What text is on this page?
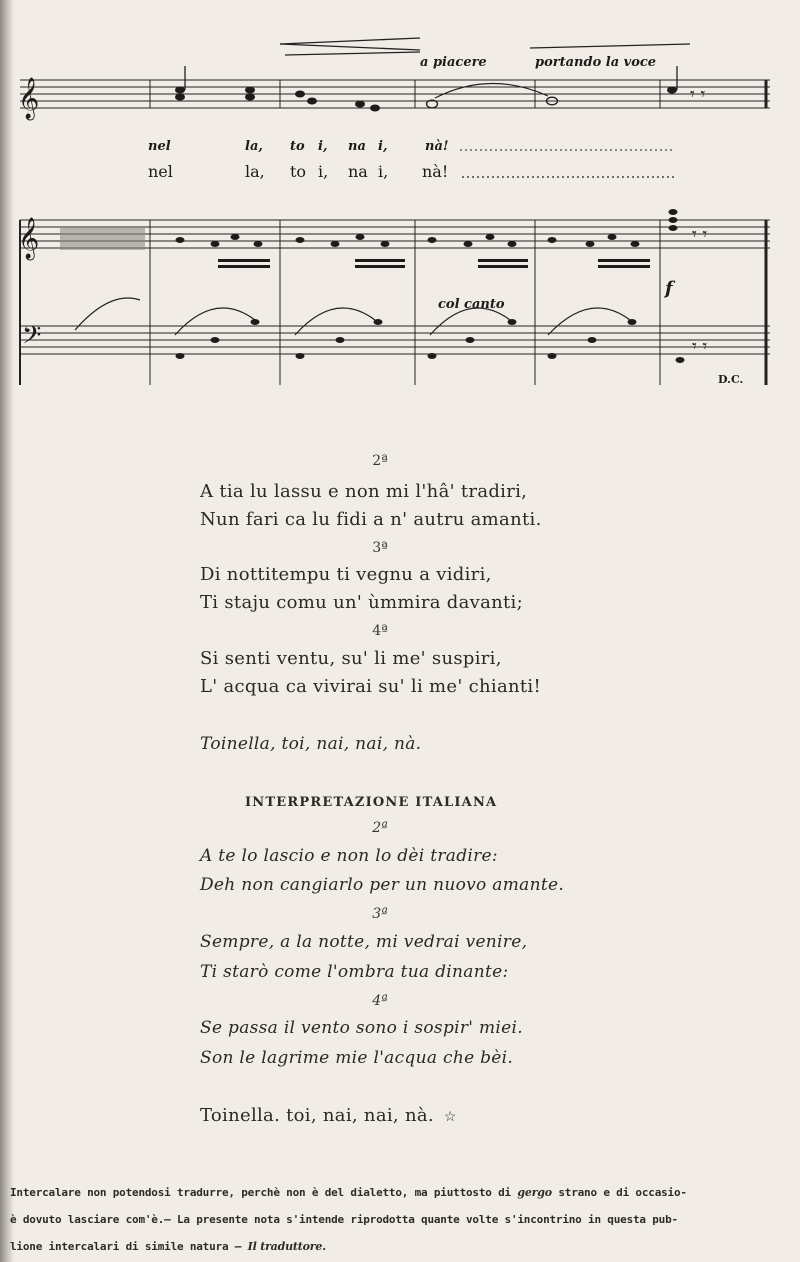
a piacere	portando la voce
𝄞	𝄾 𝄾
nel	la, to i, na i,	nà!
nel	la, to i, na i, nà!
𝄞	𝄾 𝄾
col canto
f
𝄢	𝄾 𝄾
D.C.
2ª
A tia lu lassu e non mi l'hâ' tradiri,
Nun fari ca lu fidi a n' autru amanti.
3ª
Di nottitempu ti vegnu a vidiri,
Ti staju comu un' ùmmira davanti;
4ª
Si senti ventu, su' li me' suspiri,
L' acqua ca vivirai su' li me' chianti!
Toinella, toi, nai, nai, nà.
INTERPRETAZIONE ITALIANA
2ª
A te lo lascio e non lo dèi tradire:
Deh non cangiarlo per un nuovo amante.
3ª
Sempre, a la notte, mi vedrai venire,
Ti starò come l'ombra tua dinante:
4ª
Se passa il vento sono i sospir' miei.
Son le lagrime mie l'acqua che bèi.
Toinella. toi, nai, nai, nà. ☆
Intercalare non potendosi tradurre, perchè non è del dialetto, ma piuttosto di gergo strano e di occasio-
è dovuto lasciare com'è.– La presente nota s'intende riprodotta quante volte s'incontrino in questa pub-
lione intercalari di simile natura – Il traduttore.
